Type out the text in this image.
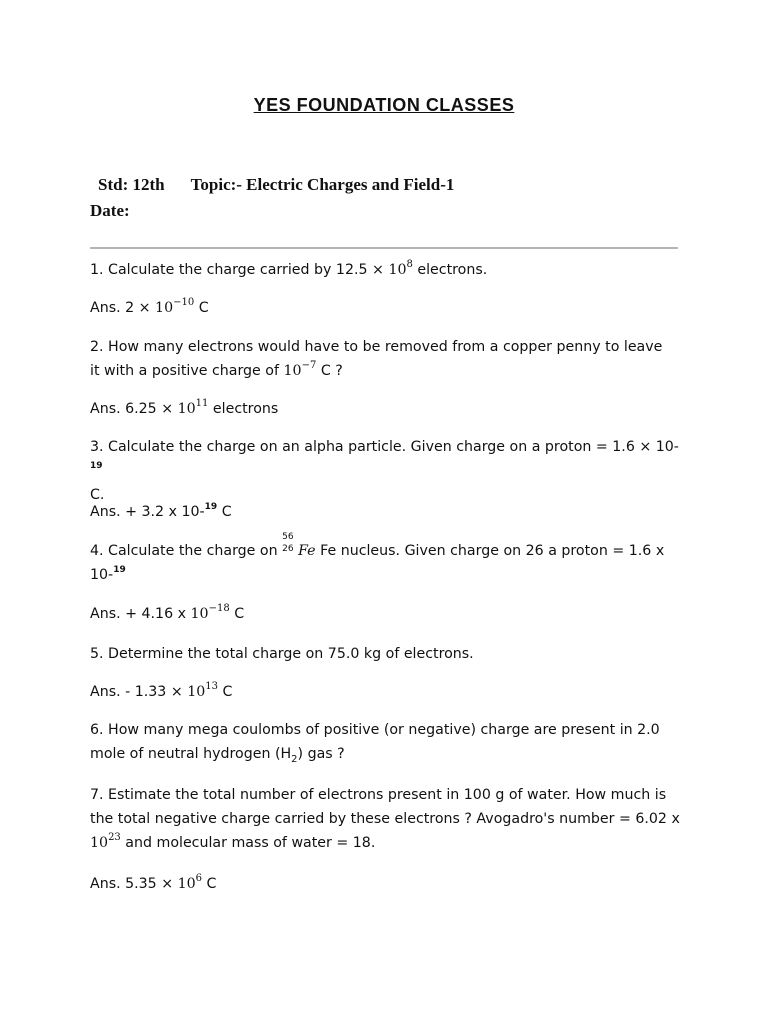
YES FOUNDATION CLASSES
Std: 12th Topic:- Electric Charges and Field-1
Date:
1. Calculate the charge carried by $12.5 \times 10^8$ electrons.
Ans. $2 \times 10^{-10}$ C
2. How many electrons would have to be removed from a copper penny to leave
it with a positive charge of $10^{-7}$ C ?
Ans. $6.25 \times 10^{11}$ electrons
3. Calculate the charge on an alpha particle. Given charge on a proton = 1.6 × 10-$^{19}$
C.
Ans. + 3.2 x 10-$^{19}$ C
4. Calculate the charge on
56
26 Fe Fe nucleus. Given charge on 26 a proton = 1.6 x
10-$^{19}$
Ans. + 4.16 x $10^{-18}$ C
5. Determine the total charge on 75.0 kg of electrons.
Ans. - $1.33 \times 10^{13}$ C
6. How many mega coulombs of positive (or negative) charge are present in 2.0
mole of neutral hydrogen $(H_2)$ gas ?
7. Estimate the total number of electrons present in 100 g of water. How much is
the total negative charge carried by these electrons ? Avogadro's number = 6.02 x
$10^{23}$ and molecular mass of water = 18.
Ans. $5.35 \times 10^6$ C
